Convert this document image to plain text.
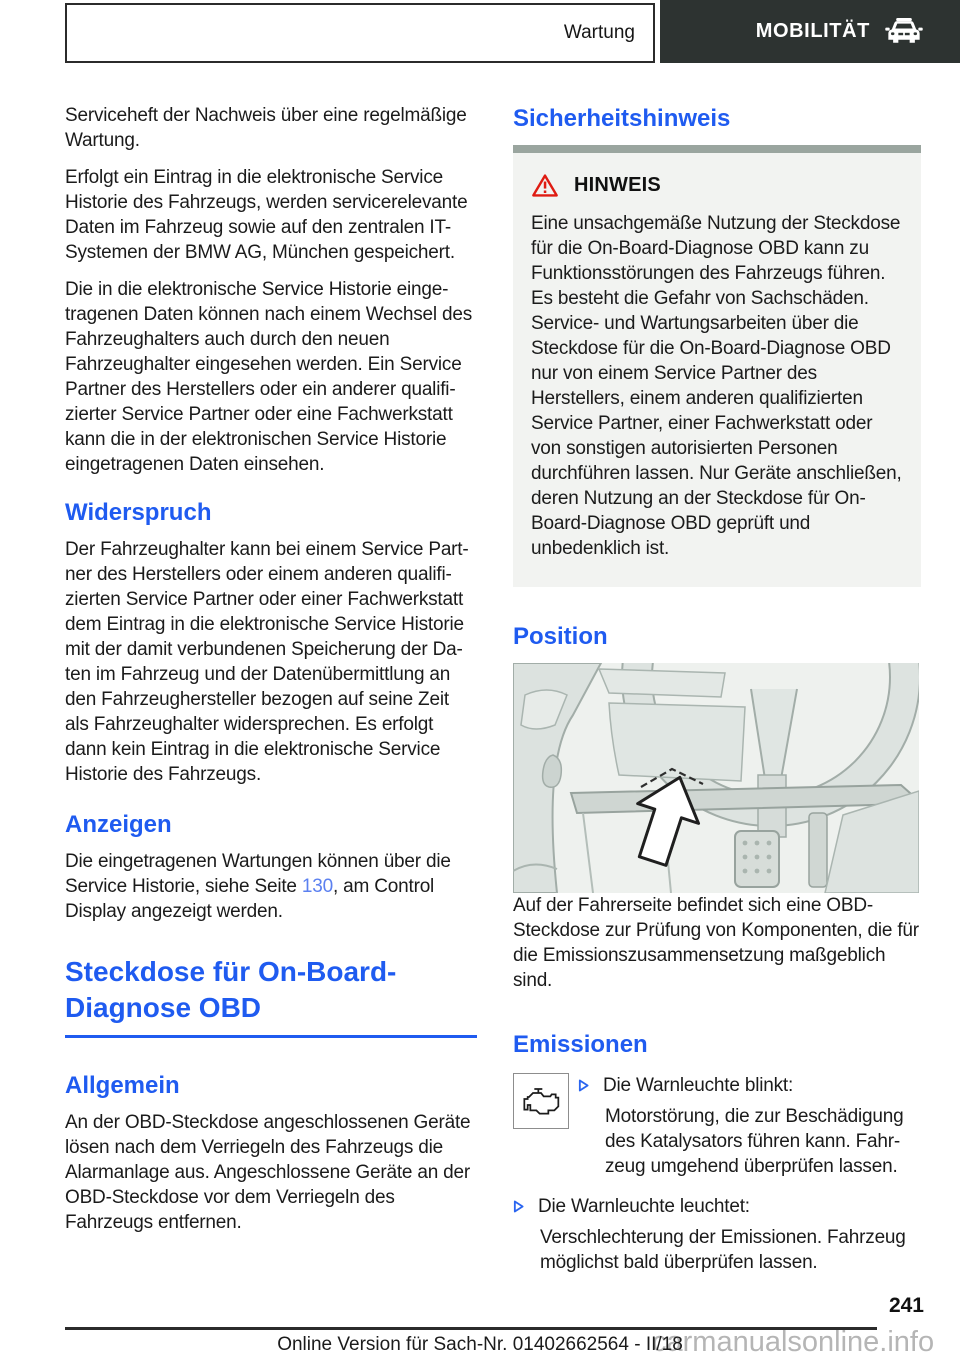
Wartung	MOBILITÄT

Serviceheft der Nachweis über eine regelmäßige Wartung.

Erfolgt ein Eintrag in die elektronische Service Historie des Fahrzeugs, werden servicerelevante Daten im Fahrzeug sowie auf den zentralen IT-Systemen der BMW AG, München gespeichert.

Die in die elektronische Service Historie eingetragenen Daten können nach einem Wechsel des Fahrzeughalters auch durch den neuen Fahrzeughalter eingesehen werden. Ein Service Partner des Herstellers oder ein anderer qualifizierter Service Partner oder eine Fachwerkstatt kann die in der elektronischen Service Historie eingetragenen Daten einsehen.

Widerspruch

Der Fahrzeughalter kann bei einem Service Partner des Herstellers oder einem anderen qualifizierten Service Partner oder einer Fachwerkstatt dem Eintrag in die elektronische Service Historie mit der damit verbundenen Speicherung der Daten im Fahrzeug und der Datenübermittlung an den Fahrzeughersteller bezogen auf seine Zeit als Fahrzeughalter widersprechen. Es erfolgt dann kein Eintrag in die elektronische Service Historie des Fahrzeugs.

Anzeigen

Die eingetragenen Wartungen können über die Service Historie, siehe Seite 130, am Control Display angezeigt werden.

Steckdose für On-Board-Diagnose OBD
Allgemein

An der OBD-Steckdose angeschlossenen Geräte lösen nach dem Verriegeln des Fahrzeugs die Alarmanlage aus. Angeschlossene Geräte an der OBD-Steckdose vor dem Verriegeln des Fahrzeugs entfernen.

Sicherheitshinweis
HINWEIS

Eine unsachgemäße Nutzung der Steckdose für die On-Board-Diagnose OBD kann zu Funktionsstörungen des Fahrzeugs führen. Es besteht die Gefahr von Sachschäden. Service- und Wartungsarbeiten über die Steckdose für die On-Board-Diagnose OBD nur von einem Service Partner des Herstellers, einem anderen qualifizierten Service Partner, einer Fachwerkstatt oder von sonstigen autorisierten Personen durchführen lassen. Nur Geräte anschließen, deren Nutzung an der Steckdose für On-Board-Diagnose OBD geprüft und unbedenklich ist.

Position

Auf der Fahrerseite befindet sich eine OBD-Steckdose zur Prüfung von Komponenten, die für die Emissionszusammensetzung maßgeblich sind.

Emissionen
Die Warnleuchte blinkt:

Motorstörung, die zur Beschädigung des Katalysators führen kann. Fahrzeug umgehend überprüfen lassen.

Die Warnleuchte leuchtet:

Verschlechterung der Emissionen. Fahrzeug möglichst bald überprüfen lassen.

241
Online Version für Sach-Nr. 01402662564 - II/18
carmanualsonline.info
